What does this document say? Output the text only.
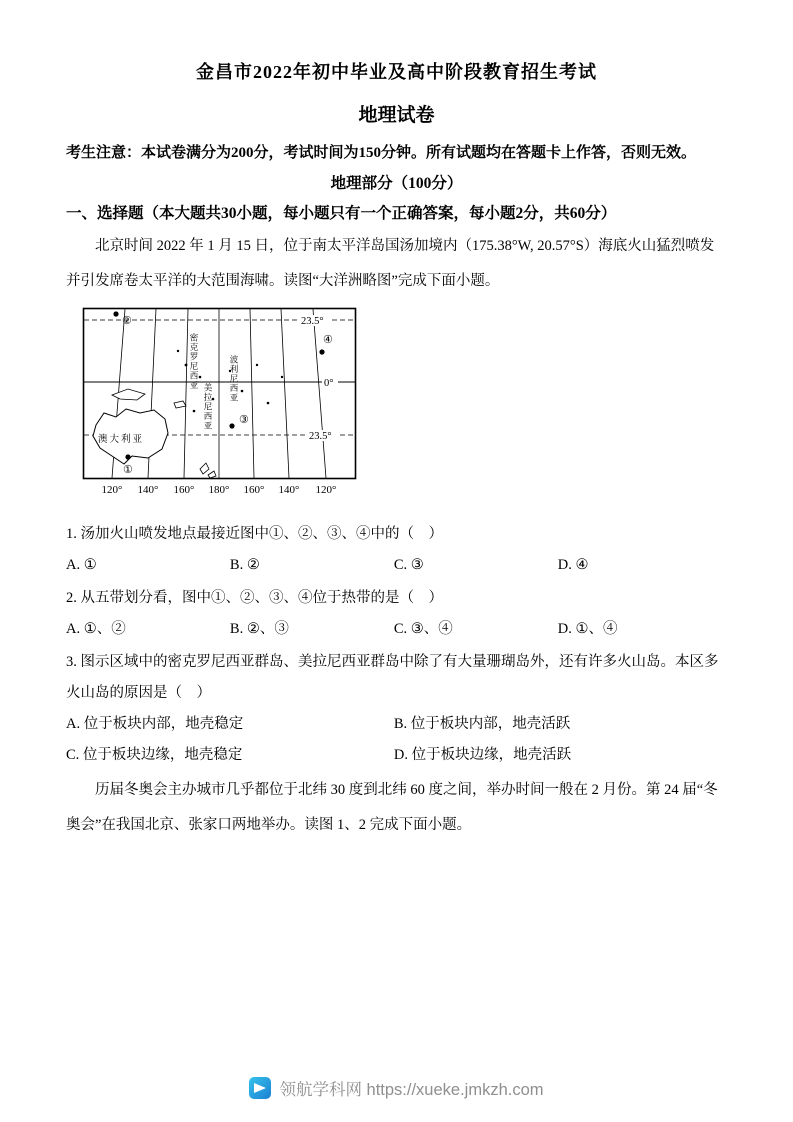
金昌市2022年初中毕业及高中阶段教育招生考试
地理试卷
考生注意：本试卷满分为200分，考试时间为150分钟。所有试题均在答题卡上作答，否则无效。
地理部分（100分）
一、选择题（本大题共30小题，每小题只有一个正确答案，每小题2分，共60分）
北京时间 2022 年 1 月 15 日，位于南太平洋岛国汤加境内（175.38°W, 20.57°S）海底火山猛烈喷发并引发席卷太平洋的大范围海啸。读图“大洋洲略图”完成下面小题。
23.5°
0°
23.5°
澳大利亚
密克罗尼西亚
美拉尼西亚
波利尼西亚
②
④
③
①
120° 140° 160° 180° 160° 140° 120°
1. 汤加火山喷发地点最接近图中①、②、③、④中的（　）
A. ①	B. ②	C. ③	D. ④
2. 从五带划分看，图中①、②、③、④位于热带的是（　）
A. ①、②	B. ②、③	C. ③、④	D. ①、④
3. 图示区域中的密克罗尼西亚群岛、美拉尼西亚群岛中除了有大量珊瑚岛外，还有许多火山岛。本区多火山岛的原因是（　）
A. 位于板块内部，地壳稳定	B. 位于板块内部，地壳活跃
C. 位于板块边缘，地壳稳定	D. 位于板块边缘，地壳活跃
历届冬奥会主办城市几乎都位于北纬 30 度到北纬 60 度之间，举办时间一般在 2 月份。第 24 届“冬奥会”在我国北京、张家口两地举办。读图 1、2 完成下面小题。
领航学科网 https://xueke.jmkzh.com
